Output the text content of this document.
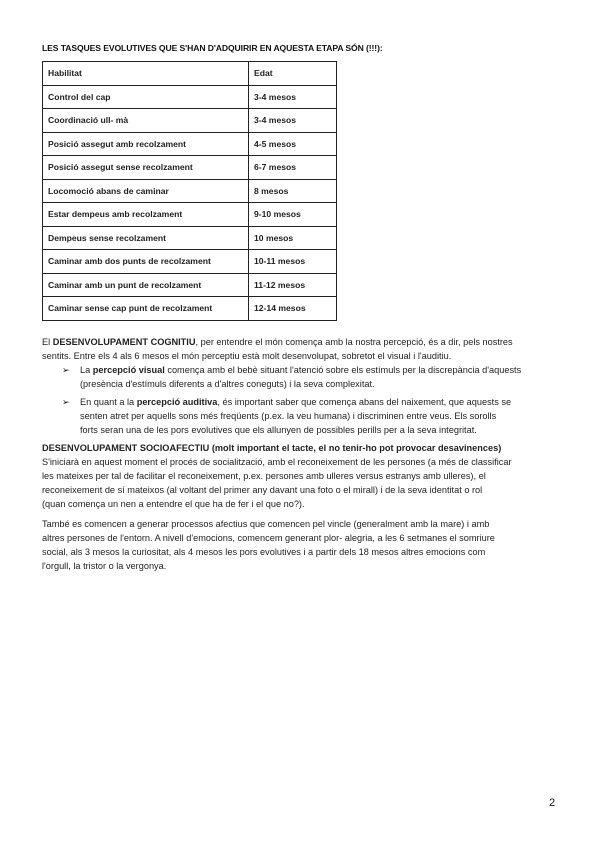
LES TASQUES EVOLUTIVES QUE S'HAN D'ADQUIRIR EN AQUESTA ETAPA SÓN (!!!):
Habilitat	Edat
Control del cap	3-4 mesos
Coordinació ull- mà	3-4 mesos
Posició assegut amb recolzament	4-5 mesos
Posició assegut sense recolzament	6-7 mesos
Locomoció abans de caminar	8 mesos
Estar dempeus amb recolzament	9-10 mesos
Dempeus sense recolzament	10 mesos
Caminar amb dos punts de recolzament	10-11 mesos
Caminar amb un punt de recolzament	11-12 mesos
Caminar sense cap punt de recolzament	12-14 mesos
El DESENVOLUPAMENT COGNITIU, per entendre el món comença amb la nostra percepció, és a dir, pels nostres
sentits. Entre els 4 als 6 mesos el món perceptiu està molt desenvolupat, sobretot el visual i l'auditiu.
➢ La percepció visual comença amb el bebè situant l'atenció sobre els estímuls per la discrepància d'aquests
(presència d'estímuls diferents a d'altres coneguts) i la seva complexitat.
➢ En quant a la percepció auditiva, és important saber que comença abans del naixement, que aquests se
senten atret per aquells sons més freqüents (p.ex. la veu humana) i discriminen entre veus. Els sorolls
forts seran una de les pors evolutives que els allunyen de possibles perills per a la seva integritat.
DESENVOLUPAMENT SOCIOAFECTIU (molt important el tacte, el no tenir-ho pot provocar desavinences)
S'iniciarà en aquest moment el procés de socialització, amb el reconeixement de les persones (a més de classificar
les mateixes per tal de facilitar el reconeixement, p.ex. persones amb ulleres versus estranys amb ulleres), el
reconeixement de sí mateixos (al voltant del primer any davant una foto o el mirall) i de la seva identitat o rol
(quan comença un nen a entendre el que ha de fer i el que no?).
També es comencen a generar processos afectius que comencen pel vincle (generalment amb la mare) i amb
altres persones de l'entorn. A nivell d'emocions, comencem generant plor- alegria, a les 6 setmanes el somriure
social, als 3 mesos la curiositat, als 4 mesos les pors evolutives i a partir dels 18 mesos altres emocions com
l'orgull, la tristor o la vergonya.
2
